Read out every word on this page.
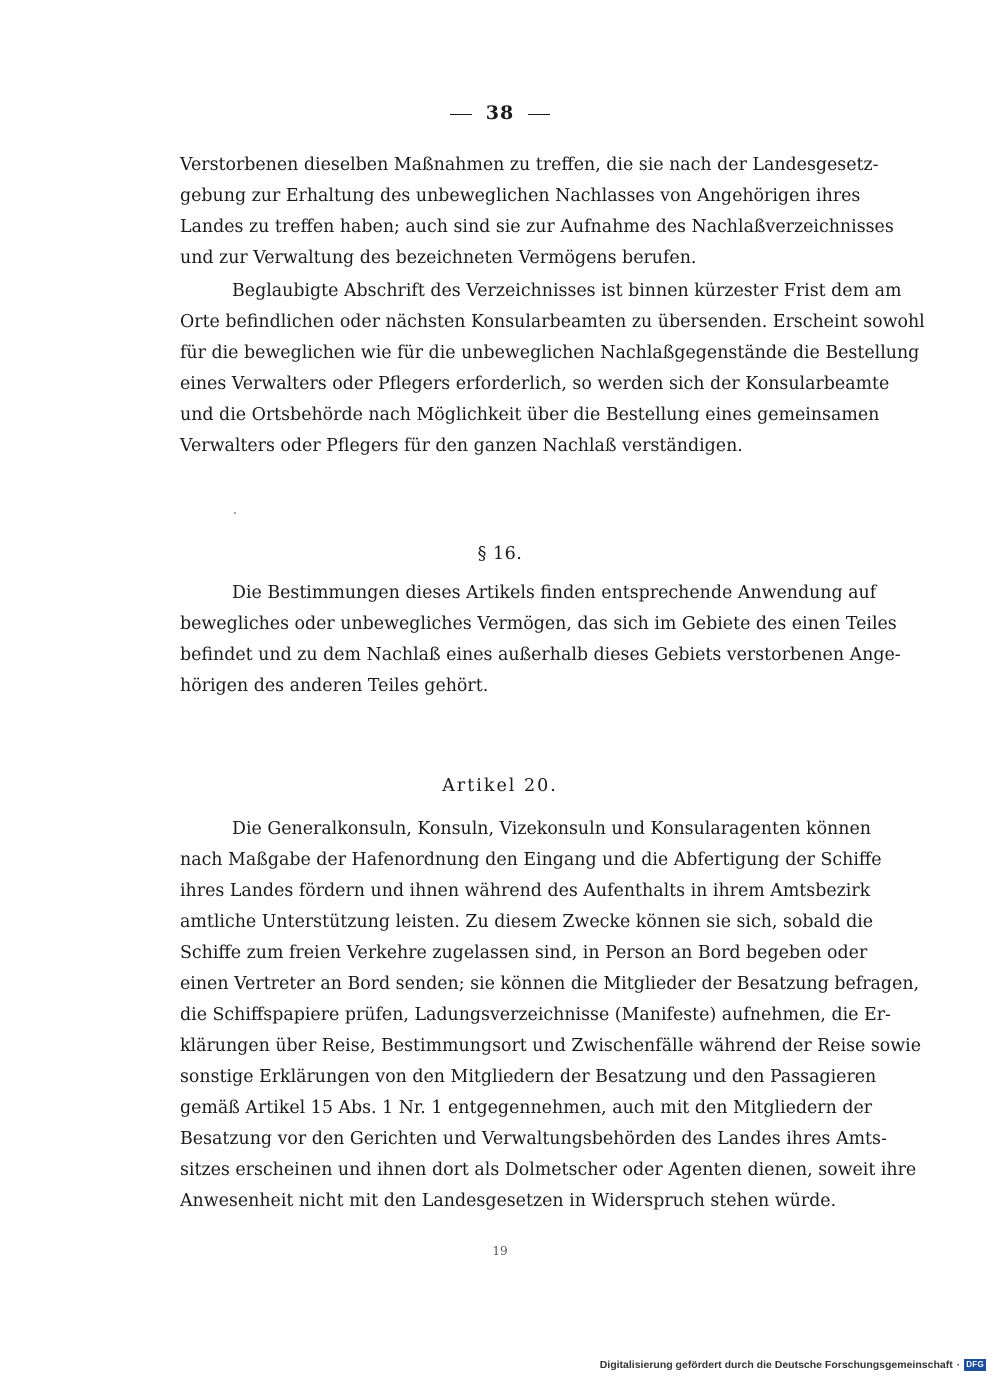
38
Verstorbenen dieselben Maßnahmen zu treffen, die sie nach der Landesgesetz-
gebung zur Erhaltung des unbeweglichen Nachlasses von Angehörigen ihres
Landes zu treffen haben; auch sind sie zur Aufnahme des Nachlaßverzeichnisses
und zur Verwaltung des bezeichneten Vermögens berufen.
Beglaubigte Abschrift des Verzeichnisses ist binnen kürzester Frist dem am
Orte befindlichen oder nächsten Konsularbeamten zu übersenden. Erscheint sowohl
für die beweglichen wie für die unbeweglichen Nachlaßgegenstände die Bestellung
eines Verwalters oder Pflegers erforderlich, so werden sich der Konsularbeamte
und die Ortsbehörde nach Möglichkeit über die Bestellung eines gemeinsamen
Verwalters oder Pflegers für den ganzen Nachlaß verständigen.
§ 16.
Die Bestimmungen dieses Artikels finden entsprechende Anwendung auf
bewegliches oder unbewegliches Vermögen, das sich im Gebiete des einen Teiles
befindet und zu dem Nachlaß eines außerhalb dieses Gebiets verstorbenen Ange-
hörigen des anderen Teiles gehört.
Artikel 20.
Die Generalkonsuln, Konsuln, Vizekonsuln und Konsularagenten können
nach Maßgabe der Hafenordnung den Eingang und die Abfertigung der Schiffe
ihres Landes fördern und ihnen während des Aufenthalts in ihrem Amtsbezirk
amtliche Unterstützung leisten. Zu diesem Zwecke können sie sich, sobald die
Schiffe zum freien Verkehre zugelassen sind, in Person an Bord begeben oder
einen Vertreter an Bord senden; sie können die Mitglieder der Besatzung befragen,
die Schiffspapiere prüfen, Ladungsverzeichnisse (Manifeste) aufnehmen, die Er-
klärungen über Reise, Bestimmungsort und Zwischenfälle während der Reise sowie
sonstige Erklärungen von den Mitgliedern der Besatzung und den Passagieren
gemäß Artikel 15 Abs. 1 Nr. 1 entgegennehmen, auch mit den Mitgliedern der
Besatzung vor den Gerichten und Verwaltungsbehörden des Landes ihres Amts-
sitzes erscheinen und ihnen dort als Dolmetscher oder Agenten dienen, soweit ihre
Anwesenheit nicht mit den Landesgesetzen in Widerspruch stehen würde.
19
Digitalisierung gefördert durch die Deutsche Forschungsgemeinschaft · DFG
